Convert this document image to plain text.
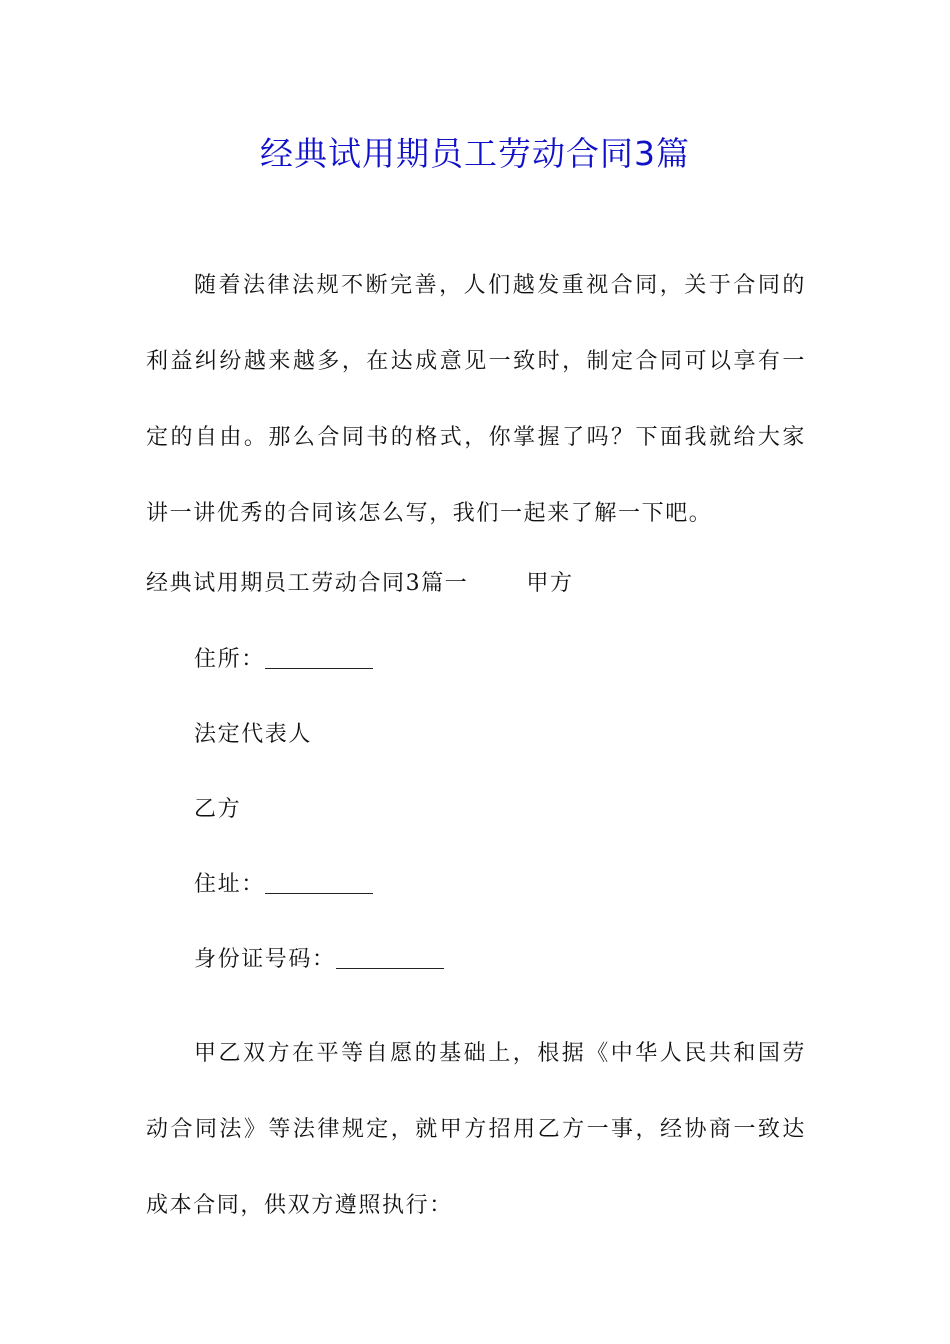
经典试用期员工劳动合同3篇

随着法律法规不断完善，人们越发重视合同，关于合同的利益纠纷越来越多，在达成意见一致时，制定合同可以享有一定的自由。那么合同书的格式，你掌握了吗？下面我就给大家讲一讲优秀的合同该怎么写，我们一起来了解一下吧。

经典试用期员工劳动合同3篇一	甲方
住所：
法定代表人
乙方
住址：
身份证号码：

甲乙双方在平等自愿的基础上，根据《中华人民共和国劳动合同法》等法律规定，就甲方招用乙方一事，经协商一致达成本合同，供双方遵照执行：
